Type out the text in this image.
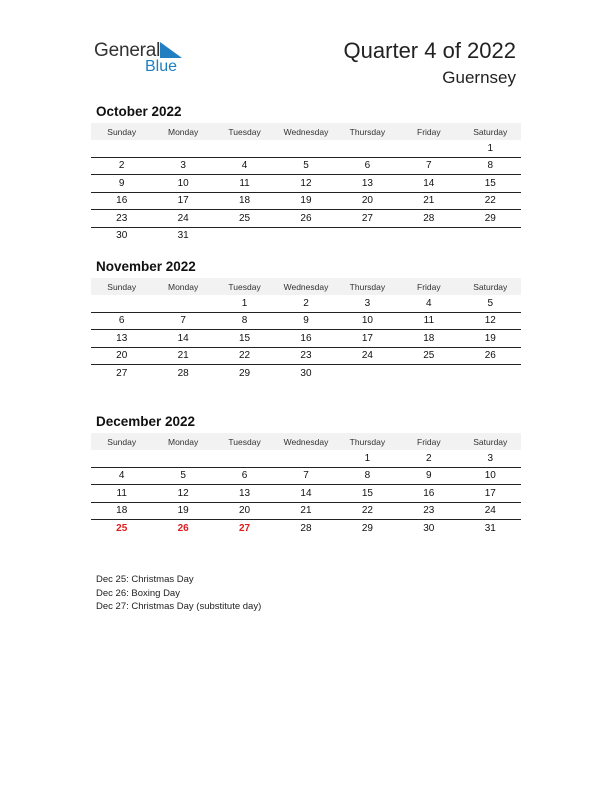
General
Blue
Quarter 4 of 2022
Guernsey
October 2022
Sunday	Monday	Tuesday	Wednesday	Thursday	Friday	Saturday
						1
2	3	4	5	6	7	8
9	10	11	12	13	14	15
16	17	18	19	20	21	22
23	24	25	26	27	28	29
30	31					
November 2022
Sunday	Monday	Tuesday	Wednesday	Thursday	Friday	Saturday
		1	2	3	4	5
6	7	8	9	10	11	12
13	14	15	16	17	18	19
20	21	22	23	24	25	26
27	28	29	30			
December 2022
Sunday	Monday	Tuesday	Wednesday	Thursday	Friday	Saturday
				1	2	3
4	5	6	7	8	9	10
11	12	13	14	15	16	17
18	19	20	21	22	23	24
25	26	27	28	29	30	31
Dec 25: Christmas Day
Dec 26: Boxing Day
Dec 27: Christmas Day (substitute day)
